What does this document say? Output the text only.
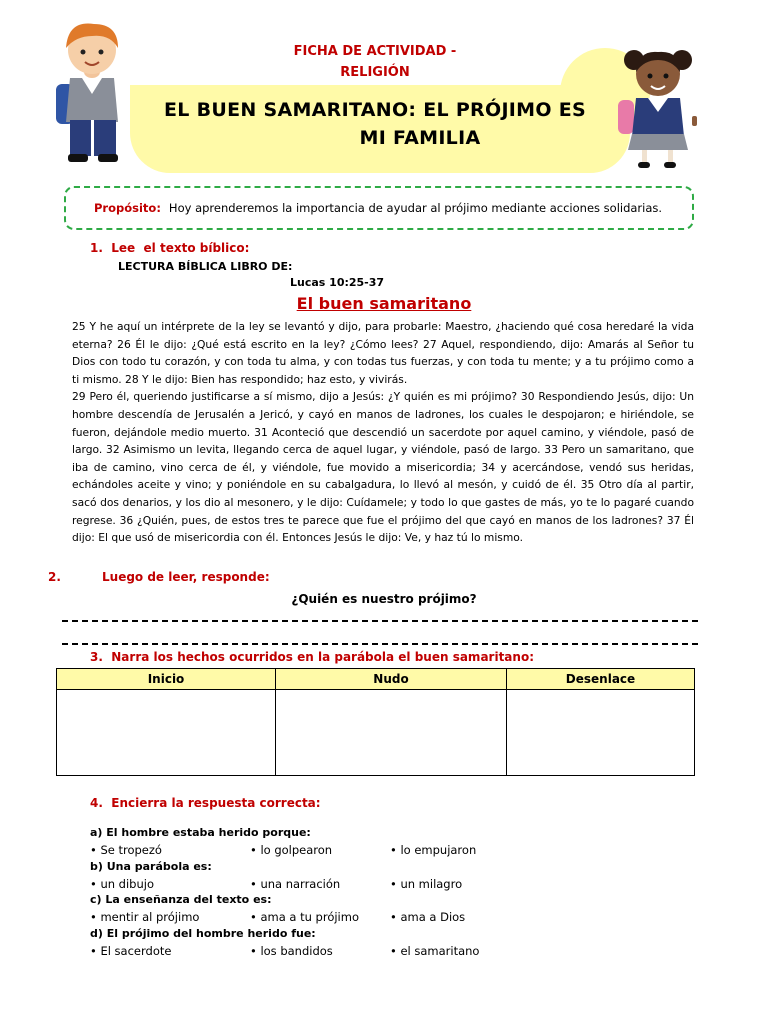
FICHA DE ACTIVIDAD -
RELIGIÓN
EL BUEN SAMARITANO: EL PRÓJIMO ES
MI FAMILIA
Propósito: Hoy aprenderemos la importancia de ayudar al prójimo mediante acciones solidarias.
1.  Lee  el texto bíblico:
LECTURA BÍBLICA LIBRO DE:
Lucas 10:25-37
El buen samaritano

25 Y he aquí un intérprete de la ley se levantó y dijo, para probarle: Maestro, ¿haciendo qué cosa heredaré la vida eterna? 26 Él le dijo: ¿Qué está escrito en la ley? ¿Cómo lees? 27 Aquel, respondiendo, dijo: Amarás al Señor tu Dios con todo tu corazón, y con toda tu alma, y con todas tus fuerzas, y con toda tu mente; y a tu prójimo como a ti mismo. 28 Y le dijo: Bien has respondido; haz esto, y vivirás.

29 Pero él, queriendo justificarse a sí mismo, dijo a Jesús: ¿Y quién es mi prójimo? 30 Respondiendo Jesús, dijo: Un hombre descendía de Jerusalén a Jericó, y cayó en manos de ladrones, los cuales le despojaron; e hiriéndole, se fueron, dejándole medio muerto. 31 Aconteció que descendió un sacerdote por aquel camino, y viéndole, pasó de largo. 32 Asimismo un levita, llegando cerca de aquel lugar, y viéndole, pasó de largo. 33 Pero un samaritano, que iba de camino, vino cerca de él, y viéndole, fue movido a misericordia; 34 y acercándose, vendó sus heridas, echándoles aceite y vino; y poniéndole en su cabalgadura, lo llevó al mesón, y cuidó de él. 35 Otro día al partir, sacó dos denarios, y los dio al mesonero, y le dijo: Cuídamele; y todo lo que gastes de más, yo te lo pagaré cuando regrese. 36 ¿Quién, pues, de estos tres te parece que fue el prójimo del que cayó en manos de los ladrones? 37 Él dijo: El que usó de misericordia con él. Entonces Jesús le dijo: Ve, y haz tú lo mismo.

2.	Luego de leer, responde:
¿Quién es nuestro prójimo?
3.  Narra los hechos ocurridos en la parábola el buen samaritano:
Inicio	Nudo	Desenlace

4.  Encierra la respuesta correcta:
a) El hombre estaba herido porque:
• Se tropezó	• lo golpearon	• lo empujaron
b) Una parábola es:
• un dibujo	• una narración	• un milagro
c) La enseñanza del texto es:
• mentir al prójimo	• ama a tu prójimo	• ama a Dios
d) El prójimo del hombre herido fue:
• El sacerdote	• los bandidos	• el samaritano
